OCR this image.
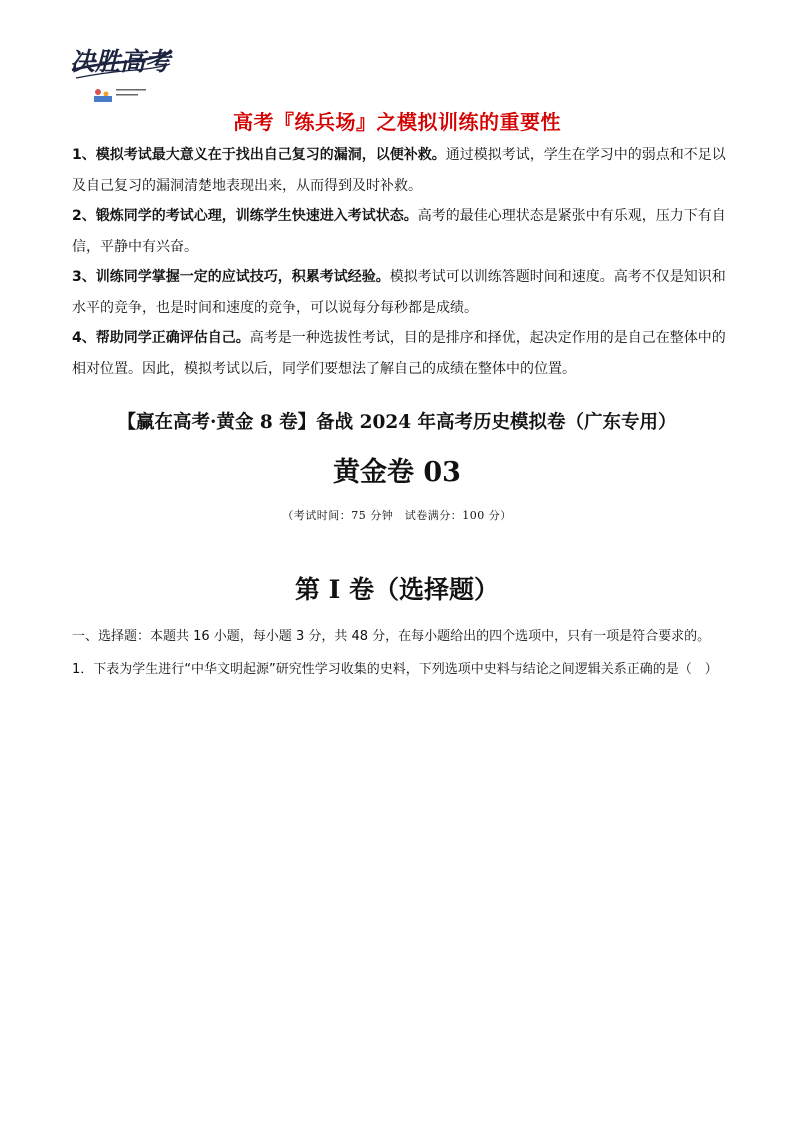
决胜高考
高考『练兵场』之模拟训练的重要性

1、模拟考试最大意义在于找出自己复习的漏洞，以便补救。通过模拟考试，学生在学习中的弱点和不足以及自己复习的漏洞清楚地表现出来，从而得到及时补救。

2、锻炼同学的考试心理，训练学生快速进入考试状态。高考的最佳心理状态是紧张中有乐观，压力下有自信，平静中有兴奋。

3、训练同学掌握一定的应试技巧，积累考试经验。模拟考试可以训练答题时间和速度。高考不仅是知识和水平的竞争，也是时间和速度的竞争，可以说每分每秒都是成绩。

4、帮助同学正确评估自己。高考是一种选拔性考试，目的是排序和择优，起决定作用的是自己在整体中的相对位置。因此，模拟考试以后，同学们要想法了解自己的成绩在整体中的位置。

【赢在高考·黄金 8 卷】备战 2024 年高考历史模拟卷（广东专用）
黄金卷 03

（考试时间：75 分钟　试卷满分：100 分）

第 I 卷（选择题）

一、选择题：本题共 16 小题，每小题 3 分，共 48 分，在每小题给出的四个选项中，只有一项是符合要求的。

1．下表为学生进行“中华文明起源”研究性学习收集的史料，下列选项中史料与结论之间逻辑关系正确的是（　）
